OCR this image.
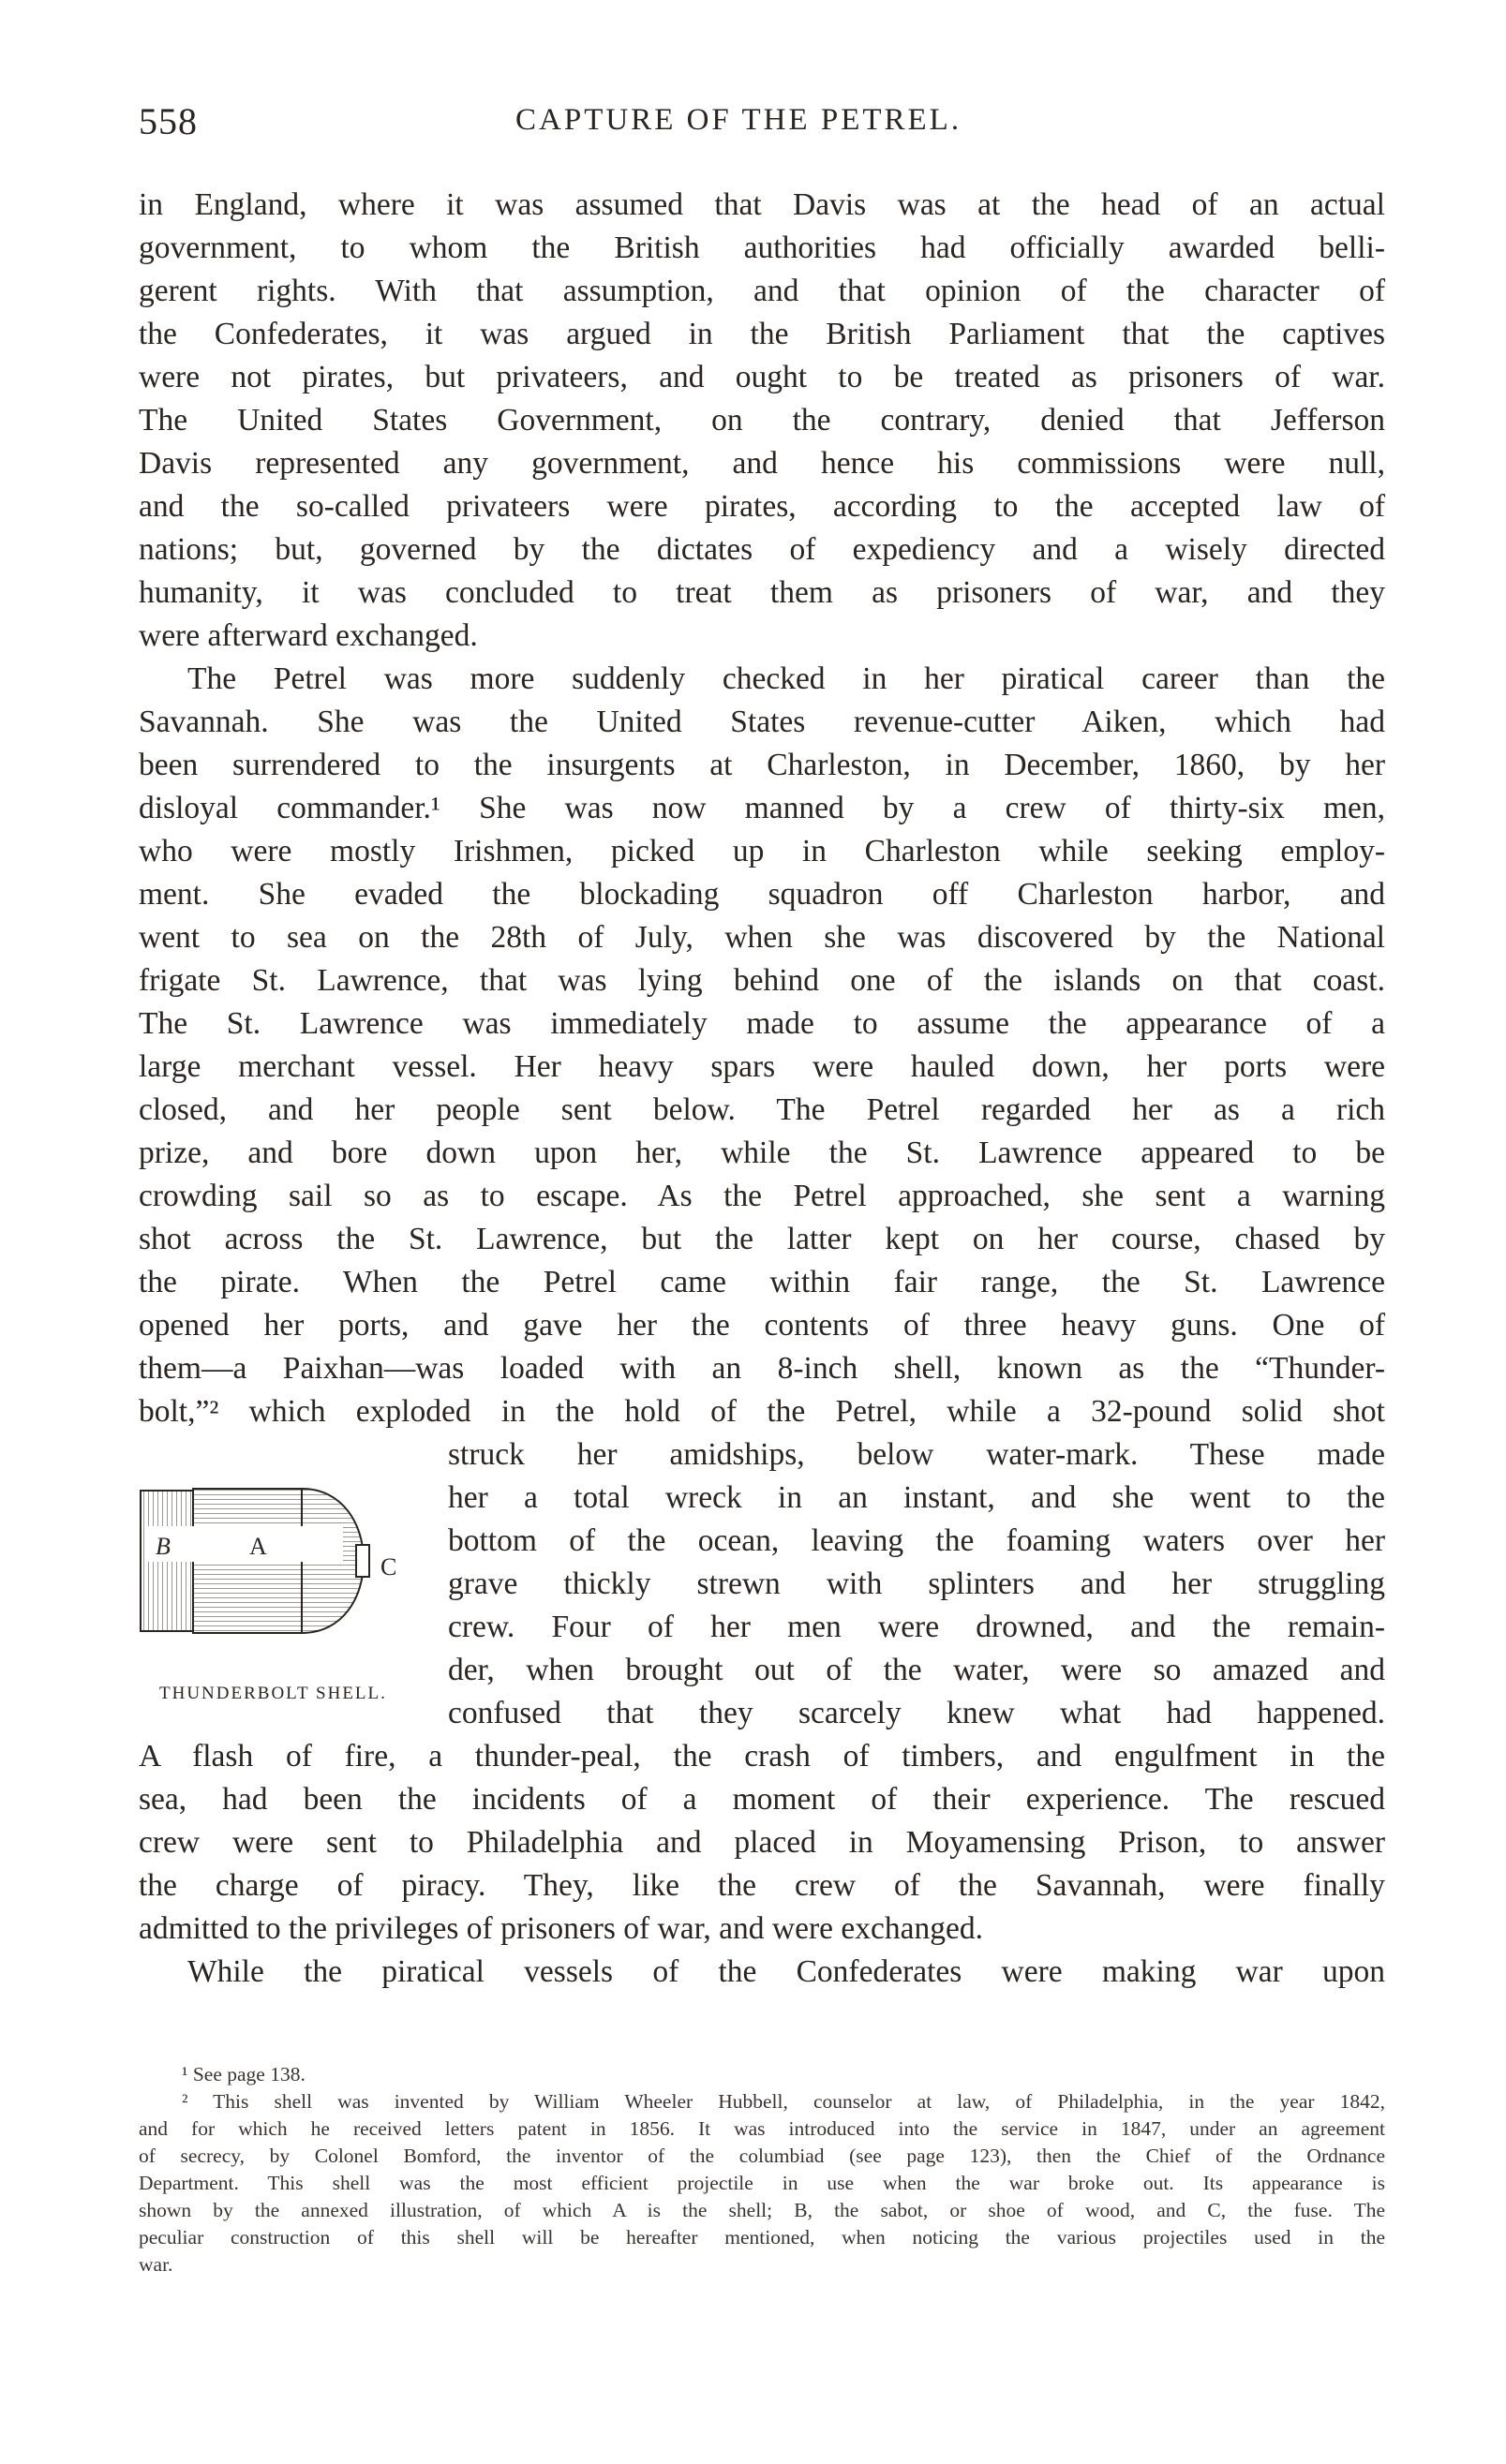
558	CAPTURE OF THE PETREL.
in England, where it was assumed that Davis was at the head of an actual
government, to whom the British authorities had officially awarded belli-
gerent rights. With that assumption, and that opinion of the character of
the Confederates, it was argued in the British Parliament that the captives
were not pirates, but privateers, and ought to be treated as prisoners of war.
The United States Government, on the contrary, denied that Jefferson
Davis represented any government, and hence his commissions were null,
and the so-called privateers were pirates, according to the accepted law of
nations; but, governed by the dictates of expediency and a wisely directed
humanity, it was concluded to treat them as prisoners of war, and they
were afterward exchanged.
The Petrel was more suddenly checked in her piratical career than the
Savannah. She was the United States revenue-cutter Aiken, which had
been surrendered to the insurgents at Charleston, in December, 1860, by her
disloyal commander.¹ She was now manned by a crew of thirty-six men,
who were mostly Irishmen, picked up in Charleston while seeking employ-
ment. She evaded the blockading squadron off Charleston harbor, and
went to sea on the 28th of July, when she was discovered by the National
frigate St. Lawrence, that was lying behind one of the islands on that coast.
The St. Lawrence was immediately made to assume the appearance of a
large merchant vessel. Her heavy spars were hauled down, her ports were
closed, and her people sent below. The Petrel regarded her as a rich
prize, and bore down upon her, while the St. Lawrence appeared to be
crowding sail so as to escape. As the Petrel approached, she sent a warning
shot across the St. Lawrence, but the latter kept on her course, chased by
the pirate. When the Petrel came within fair range, the St. Lawrence
opened her ports, and gave her the contents of three heavy guns. One of
them—a Paixhan—was loaded with an 8-inch shell, known as the “Thunder-
bolt,”² which exploded in the hold of the Petrel, while a 32-pound solid shot
struck her amidships, below water-mark. These made
her a total wreck in an instant, and she went to the
bottom of the ocean, leaving the foaming waters over her
grave thickly strewn with splinters and her struggling
crew. Four of her men were drowned, and the remain-
der, when brought out of the water, were so amazed and
confused that they scarcely knew what had happened.
A flash of fire, a thunder-peal, the crash of timbers, and engulfment in the
sea, had been the incidents of a moment of their experience. The rescued
crew were sent to Philadelphia and placed in Moyamensing Prison, to answer
the charge of piracy. They, like the crew of the Savannah, were finally
admitted to the privileges of prisoners of war, and were exchanged.
While the piratical vessels of the Confederates were making war upon
B	A
C
THUNDERBOLT SHELL.
¹ See page 138.
² This shell was invented by William Wheeler Hubbell, counselor at law, of Philadelphia, in the year 1842,
and for which he received letters patent in 1856. It was introduced into the service in 1847, under an agreement
of secrecy, by Colonel Bomford, the inventor of the columbiad (see page 123), then the Chief of the Ordnance
Department. This shell was the most efficient projectile in use when the war broke out. Its appearance is
shown by the annexed illustration, of which A is the shell; B, the sabot, or shoe of wood, and C, the fuse. The
peculiar construction of this shell will be hereafter mentioned, when noticing the various projectiles used in the
war.
